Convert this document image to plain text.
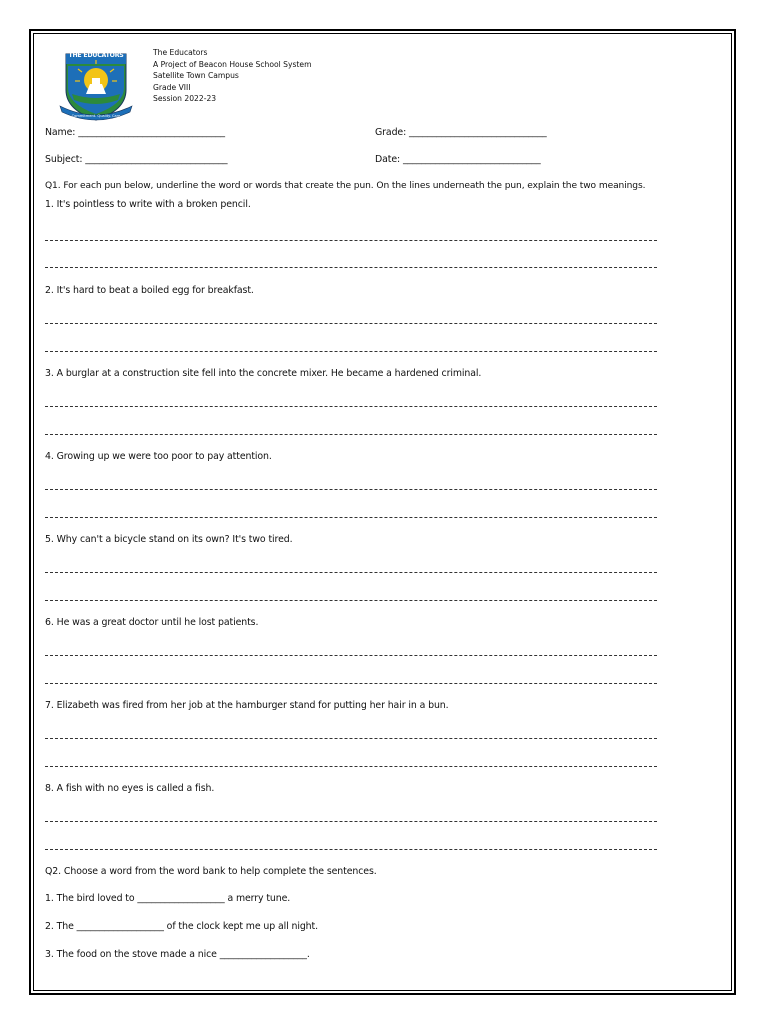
THE EDUCATORS
Commitment. Quality. Care
The Educators
A Project of Beacon House School System
Satellite Town Campus
Grade VIII
Session 2022-23
Name: ________________________________	Grade: ______________________________
Subject: _______________________________	Date: ______________________________
Q1. For each pun below, underline the word or words that create the pun. On the lines underneath the pun, explain the two meanings.
1. It's pointless to write with a broken pencil.
2. It's hard to beat a boiled egg for breakfast.
3. A burglar at a construction site fell into the concrete mixer. He became a hardened criminal.
4. Growing up we were too poor to pay attention.
5. Why can't a bicycle stand on its own? It's two tired.
6. He was a great doctor until he lost patients.
7. Elizabeth was fired from her job at the hamburger stand for putting her hair in a bun.
8. A fish with no eyes is called a fish.
Q2. Choose a word from the word bank to help complete the sentences.
1. The bird loved to ___________________ a merry tune.
2. The ___________________ of the clock kept me up all night.
3. The food on the stove made a nice ___________________.
